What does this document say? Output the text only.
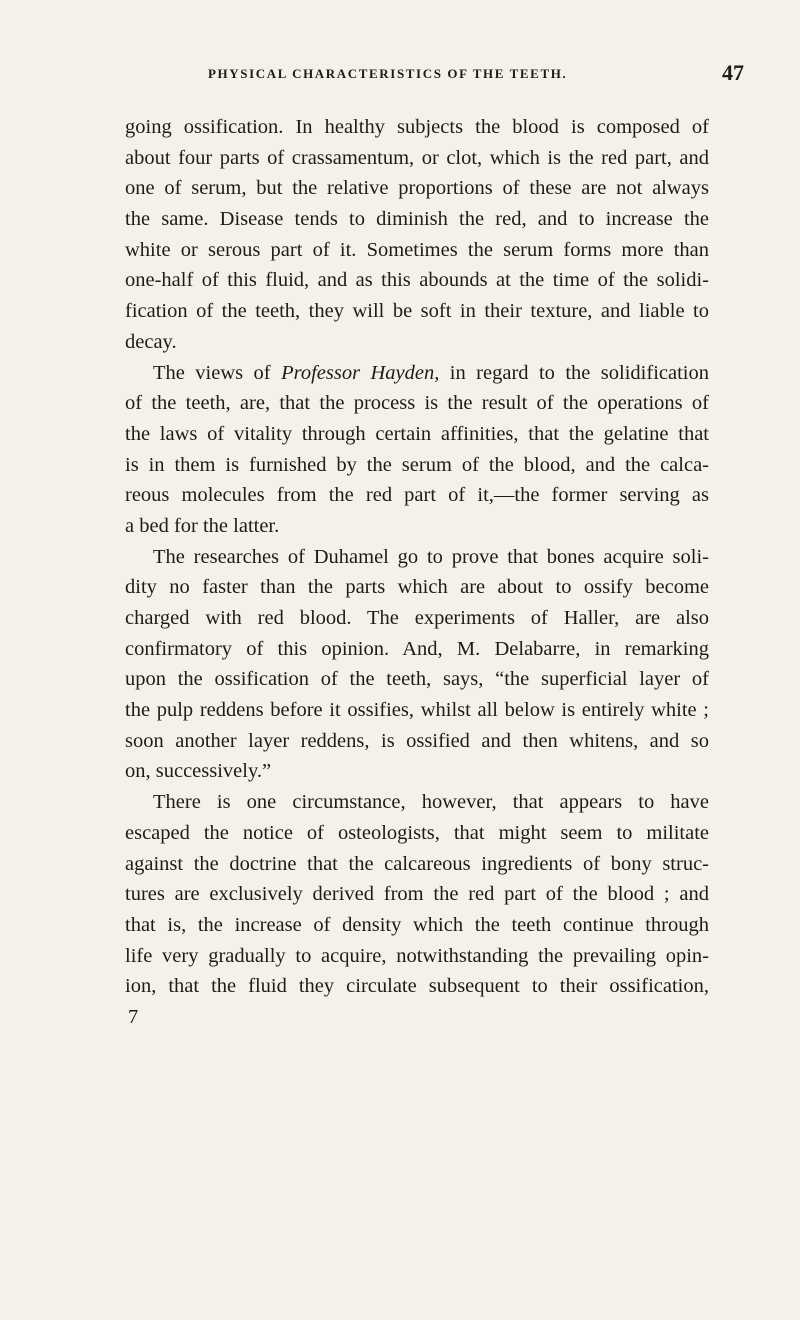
PHYSICAL CHARACTERISTICS OF THE TEETH.	47
going ossification. In healthy subjects the blood is composed of
about four parts of crassamentum, or clot, which is the red part, and
one of serum, but the relative proportions of these are not always
the same. Disease tends to diminish the red, and to increase the
white or serous part of it. Sometimes the serum forms more than
one-half of this fluid, and as this abounds at the time of the solidi-
fication of the teeth, they will be soft in their texture, and liable to
decay.
The views of Professor Hayden, in regard to the solidification
of the teeth, are, that the process is the result of the operations of
the laws of vitality through certain affinities, that the gelatine that
is in them is furnished by the serum of the blood, and the calca-
reous molecules from the red part of it,—the former serving as
a bed for the latter.
The researches of Duhamel go to prove that bones acquire soli-
dity no faster than the parts which are about to ossify become
charged with red blood. The experiments of Haller, are also
confirmatory of this opinion. And, M. Delabarre, in remarking
upon the ossification of the teeth, says, “the superficial layer of
the pulp reddens before it ossifies, whilst all below is entirely white ;
soon another layer reddens, is ossified and then whitens, and so
on, successively.”
There is one circumstance, however, that appears to have
escaped the notice of osteologists, that might seem to militate
against the doctrine that the calcareous ingredients of bony struc-
tures are exclusively derived from the red part of the blood ; and
that is, the increase of density which the teeth continue through
life very gradually to acquire, notwithstanding the prevailing opin-
ion, that the fluid they circulate subsequent to their ossification,
7
